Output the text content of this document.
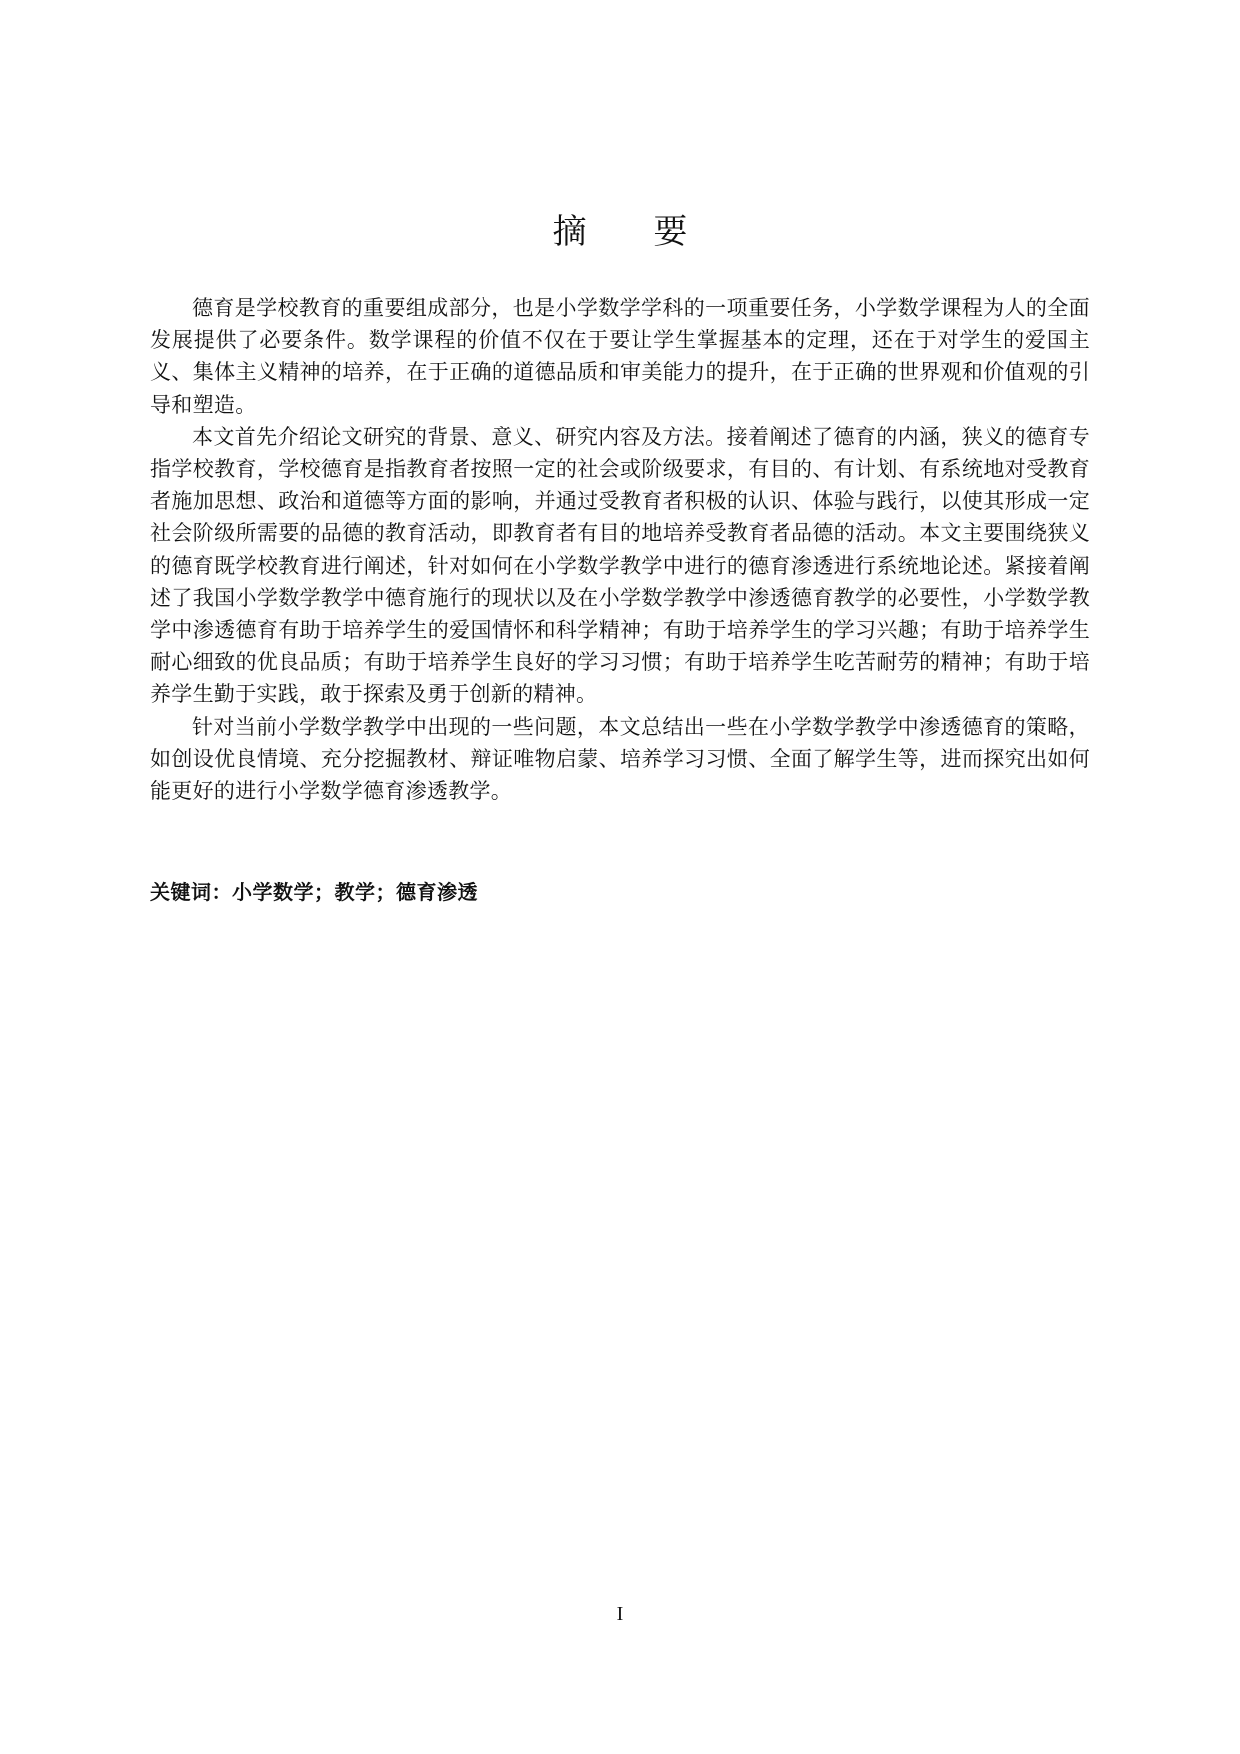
摘 要

德育是学校教育的重要组成部分，也是小学数学学科的一项重要任务，小学数学课程为人的全面发展提供了必要条件。数学课程的价值不仅在于要让学生掌握基本的定理，还在于对学生的爱国主义、集体主义精神的培养，在于正确的道德品质和审美能力的提升，在于正确的世界观和价值观的引导和塑造。

本文首先介绍论文研究的背景、意义、研究内容及方法。接着阐述了德育的内涵，狭义的德育专指学校教育，学校德育是指教育者按照一定的社会或阶级要求，有目的、有计划、有系统地对受教育者施加思想、政治和道德等方面的影响，并通过受教育者积极的认识、体验与践行，以使其形成一定社会阶级所需要的品德的教育活动，即教育者有目的地培养受教育者品德的活动。本文主要围绕狭义的德育既学校教育进行阐述，针对如何在小学数学教学中进行的德育渗透进行系统地论述。紧接着阐述了我国小学数学教学中德育施行的现状以及在小学数学教学中渗透德育教学的必要性，小学数学教学中渗透德育有助于培养学生的爱国情怀和科学精神；有助于培养学生的学习兴趣；有助于培养学生耐心细致的优良品质；有助于培养学生良好的学习习惯；有助于培养学生吃苦耐劳的精神；有助于培养学生勤于实践，敢于探索及勇于创新的精神。

针对当前小学数学教学中出现的一些问题，本文总结出一些在小学数学教学中渗透德育的策略，如创设优良情境、充分挖掘教材、辩证唯物启蒙、培养学习习惯、全面了解学生等，进而探究出如何能更好的进行小学数学德育渗透教学。

关键词：小学数学；教学；德育渗透
I
